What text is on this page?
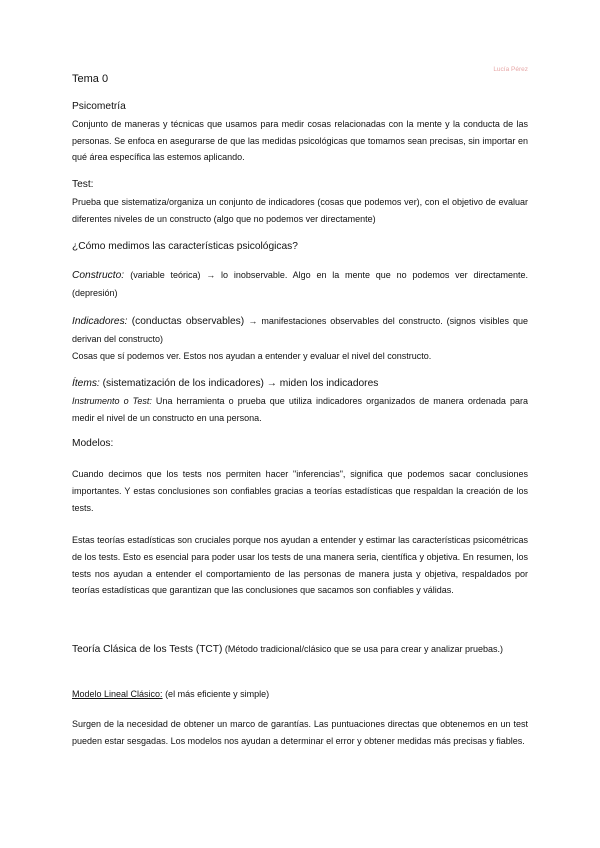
Lucía Pérez
Tema 0
Psicometría

Conjunto de maneras y técnicas que usamos para medir cosas relacionadas con la mente y la conducta de las personas. Se enfoca en asegurarse de que las medidas psicológicas que tomamos sean precisas, sin importar en qué área específica las estemos aplicando.

Test:

Prueba que sistematiza/organiza un conjunto de indicadores (cosas que podemos ver), con el objetivo de evaluar diferentes niveles de un constructo (algo que no podemos ver directamente)

¿Cómo medimos las características psicológicas?

Constructo: (variable teórica) → lo inobservable. Algo en la mente que no podemos ver directamente. (depresión)

Indicadores: (conductas observables) → manifestaciones observables del constructo. (signos visibles que derivan del constructo)

Cosas que sí podemos ver. Estos nos ayudan a entender y evaluar el nivel del constructo.

Ítems: (sistematización de los indicadores) → miden los indicadores

Instrumento o Test: Una herramienta o prueba que utiliza indicadores organizados de manera ordenada para medir el nivel de un constructo en una persona.

Modelos:
Cuando decimos que los tests nos permiten hacer "inferencias", significa que podemos sacar conclusiones importantes. Y estas conclusiones son confiables gracias a teorías estadísticas que respaldan la creación de los tests.
Estas teorías estadísticas son cruciales porque nos ayudan a entender y estimar las características psicométricas de los tests. Esto es esencial para poder usar los tests de una manera seria, científica y objetiva. En resumen, los tests nos ayudan a entender el comportamiento de las personas de manera justa y objetiva, respaldados por teorías estadísticas que garantizan que las conclusiones que sacamos son confiables y válidas.

Teoría Clásica de los Tests (TCT) (Método tradicional/clásico que se usa para crear y analizar pruebas.)

Modelo Lineal Clásico: (el más eficiente y simple)

Surgen de la necesidad de obtener un marco de garantías. Las puntuaciones directas que obtenemos en un test pueden estar sesgadas. Los modelos nos ayudan a determinar el error y obtener medidas más precisas y fiables.
